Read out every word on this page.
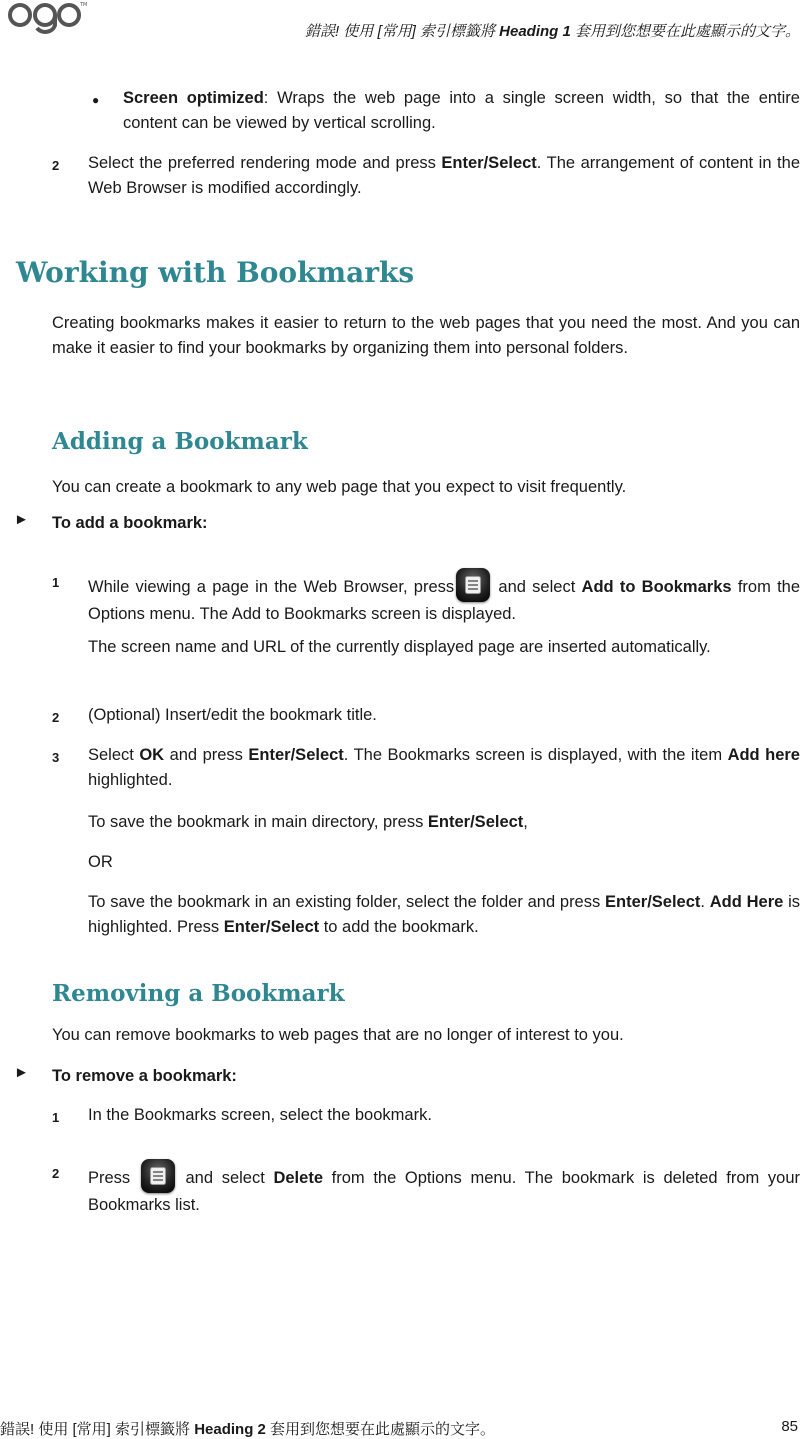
TM
ogo
錯誤! 使用 [常用] 索引標籤將 Heading 1 套用到您想要在此處顯示的文字。
● Screen optimized: Wraps the web page into a single screen width, so that the entire content can be viewed by vertical scrolling.
2 Select the preferred rendering mode and press Enter/Select. The arrangement of content in the Web Browser is modified accordingly.
Working with Bookmarks
Creating bookmarks makes it easier to return to the web pages that you need the most. And you can make it easier to find your bookmarks by organizing them into personal folders.
Adding a Bookmark
You can create a bookmark to any web page that you expect to visit frequently.
► To add a bookmark:
1 While viewing a page in the Web Browser, press
and select Add to Bookmarks from the Options menu. The Add to Bookmarks screen is displayed.
The screen name and URL of the currently displayed page are inserted automatically.
2 (Optional) Insert/edit the bookmark title.
3 Select OK and press Enter/Select. The Bookmarks screen is displayed, with the item Add here highlighted.
To save the bookmark in main directory, press Enter/Select,
OR
To save the bookmark in an existing folder, select the folder and press Enter/Select. Add Here is highlighted. Press Enter/Select to add the bookmark.
Removing a Bookmark
You can remove bookmarks to web pages that are no longer of interest to you.
► To remove a bookmark:
1 In the Bookmarks screen, select the bookmark.
2 Press
and select Delete from the Options menu. The bookmark is deleted from your Bookmarks list.
錯誤! 使用 [常用] 索引標籤將 Heading 2 套用到您想要在此處顯示的文字。	85
